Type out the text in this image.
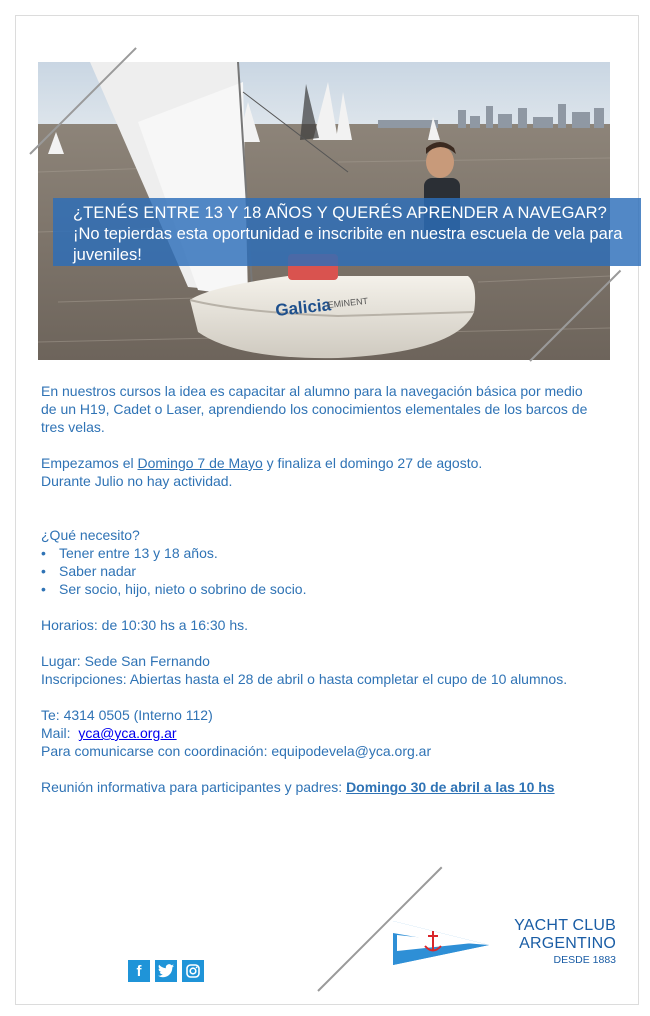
Galicia
EMINENT
¿TENÉS ENTRE 13 Y 18 AÑOS Y QUERÉS APRENDER A NAVEGAR?
¡No tepierdas esta oportunidad e inscribite en nuestra escuela de vela para juveniles!

En nuestros cursos la idea es capacitar al alumno para la navegación básica por medio de un H19, Cadet o Laser, aprendiendo los conocimientos elementales de los barcos de tres velas.

Empezamos el Domingo 7 de Mayo y finaliza el domingo 27 de agosto.

Durante Julio no hay actividad.

¿Qué necesito?

• Tener entre 13 y 18 años.

• Saber nadar

• Ser socio, hijo, nieto o sobrino de socio.

Horarios: de 10:30 hs a 16:30 hs.

Lugar: Sede San Fernando

Inscripciones: Abiertas hasta el 28 de abril o hasta completar el cupo de 10 alumnos.

Te: 4314 0505 (Interno 112)

Mail:  yca@yca.org.ar

Para comunicarse con coordinación: equipodevela@yca.org.ar

Reunión informativa para participantes y padres: Domingo 30 de abril a las 10 hs

f
YACHT CLUB
ARGENTINO
DESDE 1883
